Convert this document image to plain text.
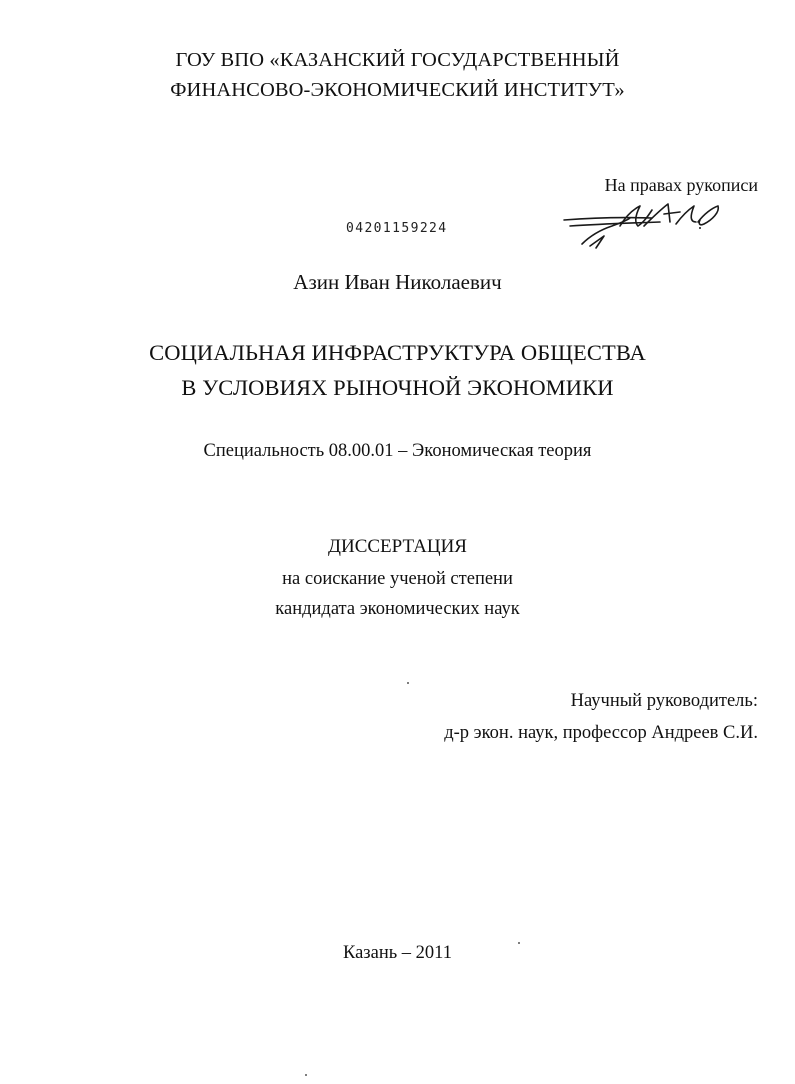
ГОУ ВПО «КАЗАНСКИЙ ГОСУДАРСТВЕННЫЙ
ФИНАНСОВО-ЭКОНОМИЧЕСКИЙ ИНСТИТУТ»
На правах рукописи
04201159224
Азин Иван Николаевич
СОЦИАЛЬНАЯ ИНФРАСТРУКТУРА ОБЩЕСТВА
В УСЛОВИЯХ РЫНОЧНОЙ ЭКОНОМИКИ
Специальность 08.00.01 – Экономическая теория
ДИССЕРТАЦИЯ
на соискание ученой степени
кандидата экономических наук
Научный руководитель:
д-р экон. наук, профессор Андреев С.И.
Казань – 2011
